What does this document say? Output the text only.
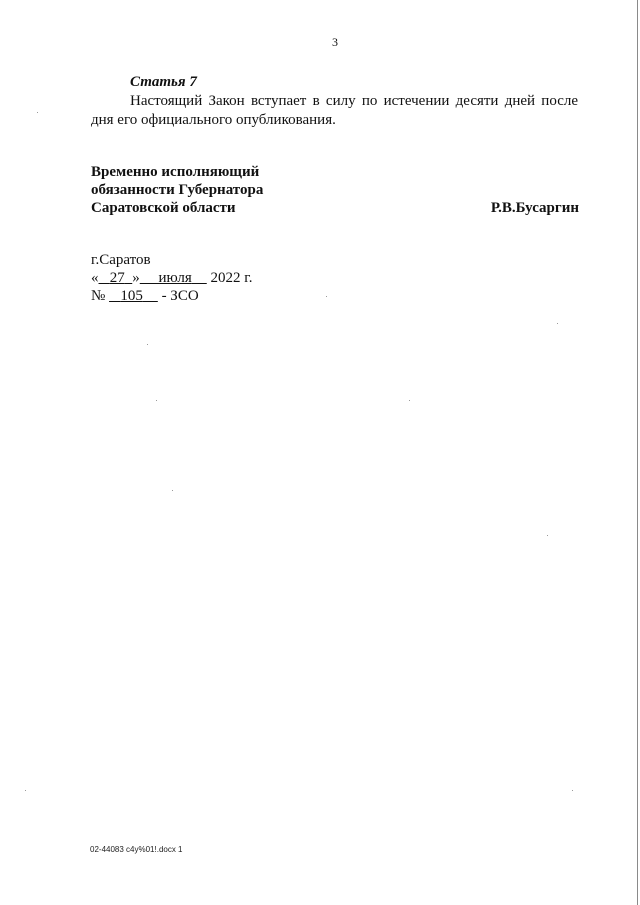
3
Статья 7
Настоящий Закон вступает в силу по истечении десяти дней после
дня его официального опубликования.
Временно исполняющий
обязанности Губернатора
Саратовской области	Р.В.Бусаргин
г.Саратов
« 27 » июля 2022 г.
№ 105 - ЗСО
02-44083 c4y%01!.docx 1
